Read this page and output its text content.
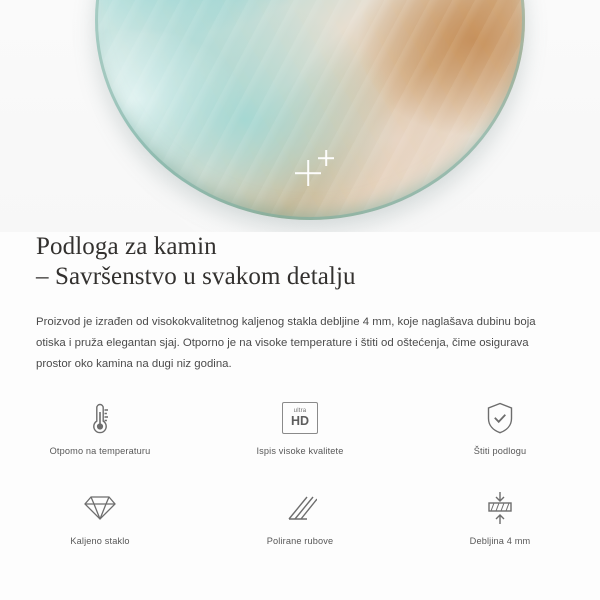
Podloga za kamin
– Savršenstvo u svakom detalju

Proizvod je izrađen od visokokvalitetnog kaljenog stakla debljine 4 mm, koje naglašava dubinu boja otiska i pruža elegantan sjaj. Otporno je na visoke temperature i štiti od oštećenja, čime osigurava prostor oko kamina na dugi niz godina.

Otpomo na temperaturu
ultra
HD
Ispis visoke kvalitete	Štiti podlogu
Kaljeno staklo	Polirane rubove	Debljina 4 mm
